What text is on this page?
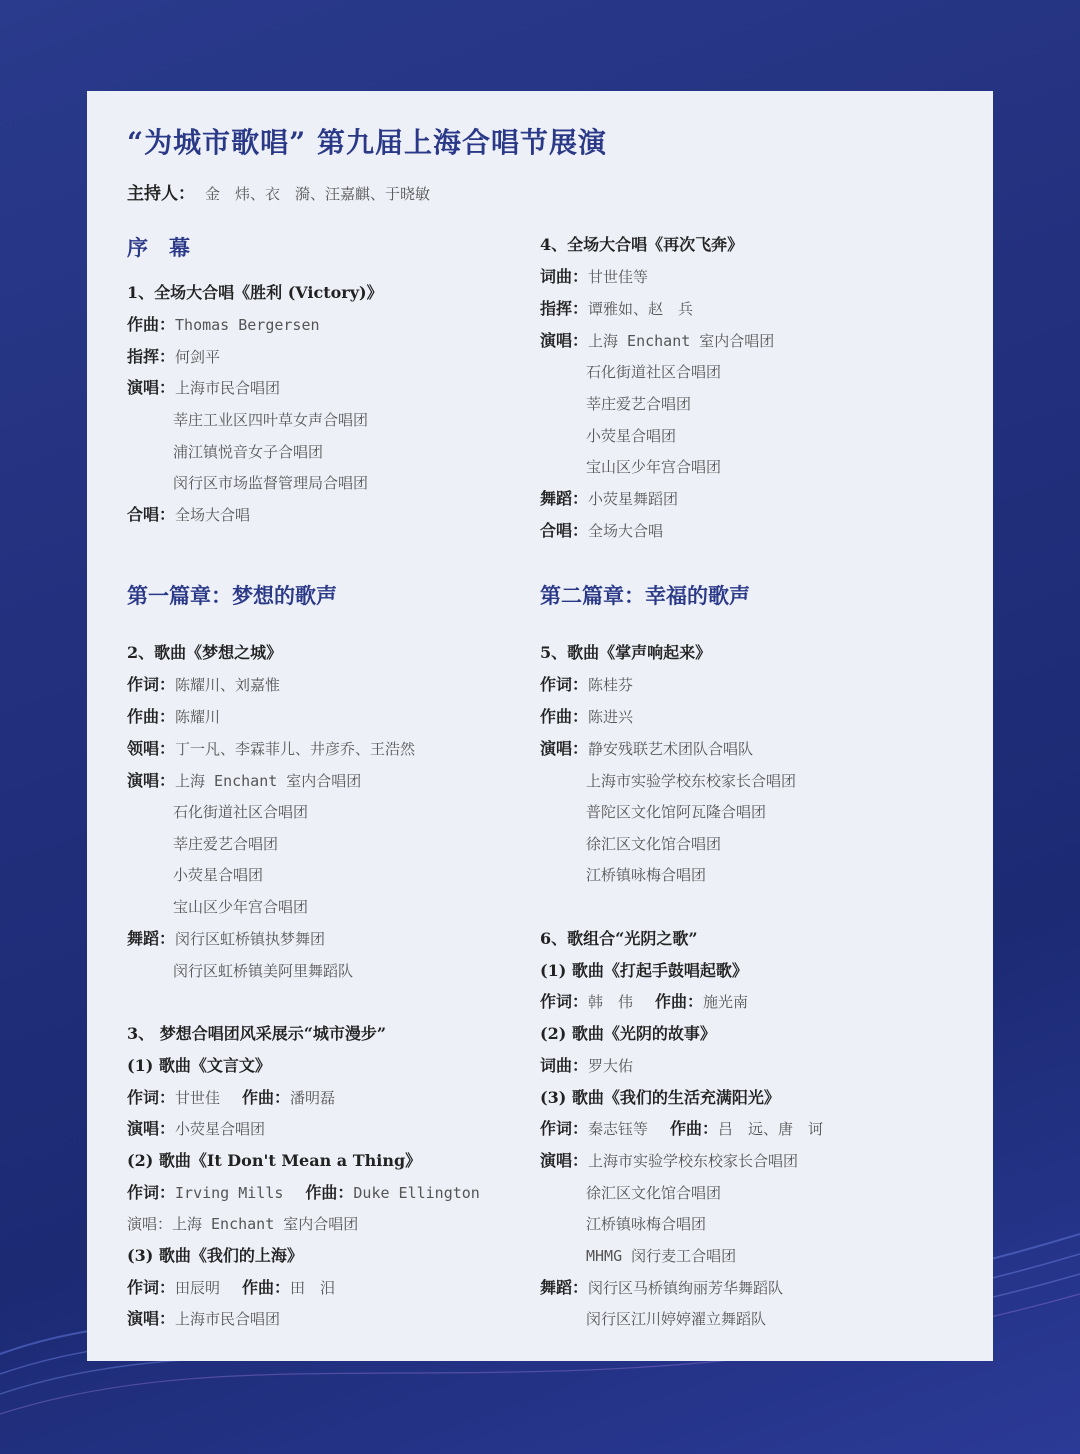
“为城市歌唱” 第九届上海合唱节展演
主持人： 金　炜、衣　漪、汪嘉麒、于晓敏
序　幕
1、全场大合唱《胜利 (Victory)》
作曲：Thomas Bergersen
指挥：何剑平
演唱：上海市民合唱团
莘庄工业区四叶草女声合唱团
浦江镇悦音女子合唱团
闵行区市场监督管理局合唱团
合唱：全场大合唱
第一篇章：梦想的歌声
2、歌曲《梦想之城》
作词：陈耀川、刘嘉惟
作曲：陈耀川
领唱：丁一凡、李霖菲儿、井彦乔、王浩然
演唱：上海 Enchant 室内合唱团
石化街道社区合唱团
莘庄爱艺合唱团
小荧星合唱团
宝山区少年宫合唱团
舞蹈：闵行区虹桥镇执梦舞团
闵行区虹桥镇美阿里舞蹈队
3、 梦想合唱团风采展示“城市漫步”
(1) 歌曲《文言文》
作词：甘世佳 作曲：潘明磊
演唱：小荧星合唱团
(2) 歌曲《It Don't Mean a Thing》
作词：Irving Mills 作曲：Duke Ellington
演唱：上海 Enchant 室内合唱团
(3) 歌曲《我们的上海》
作词：田辰明 作曲：田　汨
演唱：上海市民合唱团
4、全场大合唱《再次飞奔》
词曲：甘世佳等
指挥：谭雅如、赵　兵
演唱：上海 Enchant 室内合唱团
石化街道社区合唱团
莘庄爱艺合唱团
小荧星合唱团
宝山区少年宫合唱团
舞蹈：小荧星舞蹈团
合唱：全场大合唱
第二篇章：幸福的歌声
5、歌曲《掌声响起来》
作词：陈桂芬
作曲：陈进兴
演唱：静安残联艺术团队合唱队
上海市实验学校东校家长合唱团
普陀区文化馆阿瓦隆合唱团
徐汇区文化馆合唱团
江桥镇咏梅合唱团
6、歌组合“光阴之歌”
(1) 歌曲《打起手鼓唱起歌》
作词：韩　伟 作曲：施光南
(2) 歌曲《光阴的故事》
词曲：罗大佑
(3) 歌曲《我们的生活充满阳光》
作词：秦志钰等 作曲：吕　远、唐　诃
演唱：上海市实验学校东校家长合唱团
徐汇区文化馆合唱团
江桥镇咏梅合唱团
MHMG 闵行麦工合唱团
舞蹈：闵行区马桥镇绚丽芳华舞蹈队
闵行区江川婷婷濯立舞蹈队
